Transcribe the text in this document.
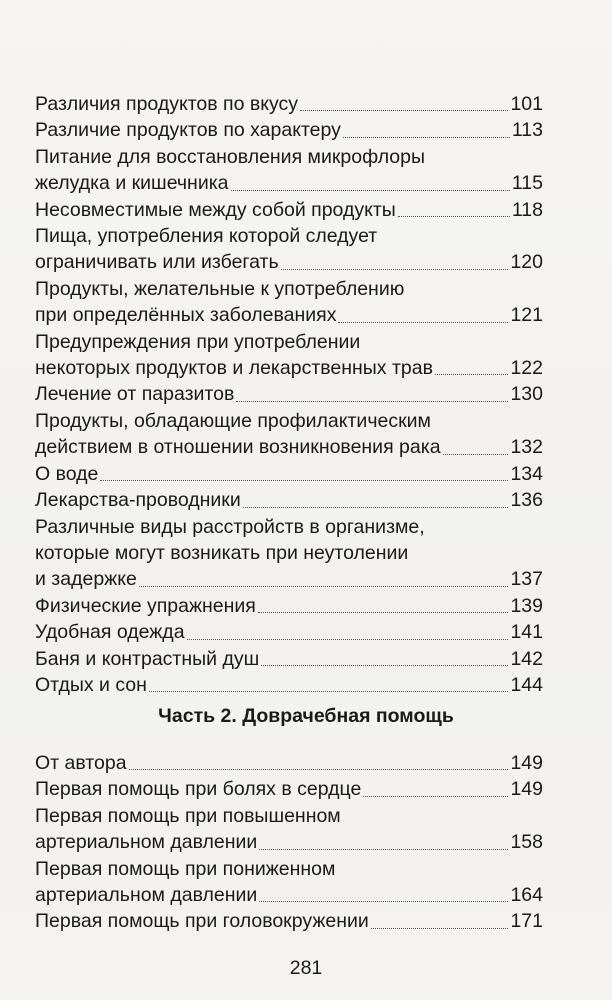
Различия продуктов по вкусу	101
Различие продуктов по характеру	113
Питание для восстановления микрофлоры
желудка и кишечника	115
Несовместимые между собой продукты	118
Пища, употребления которой следует
ограничивать или избегать	120
Продукты, желательные к употреблению
при определённых заболеваниях	121
Предупреждения при употреблении
некоторых продуктов и лекарственных трав	122
Лечение от паразитов	130
Продукты, обладающие профилактическим
действием в отношении возникновения рака	132
О воде	134
Лекарства-проводники	136
Различные виды расстройств в организме,
которые могут возникать при неутолении
и задержке	137
Физические упражнения	139
Удобная одежда	141
Баня и контрастный душ	142
Отдых и сон	144
Часть 2. Доврачебная помощь
От автора	149
Первая помощь при болях в сердце	149
Первая помощь при повышенном
артериальном давлении	158
Первая помощь при пониженном
артериальном давлении	164
Первая помощь при головокружении	171
281
